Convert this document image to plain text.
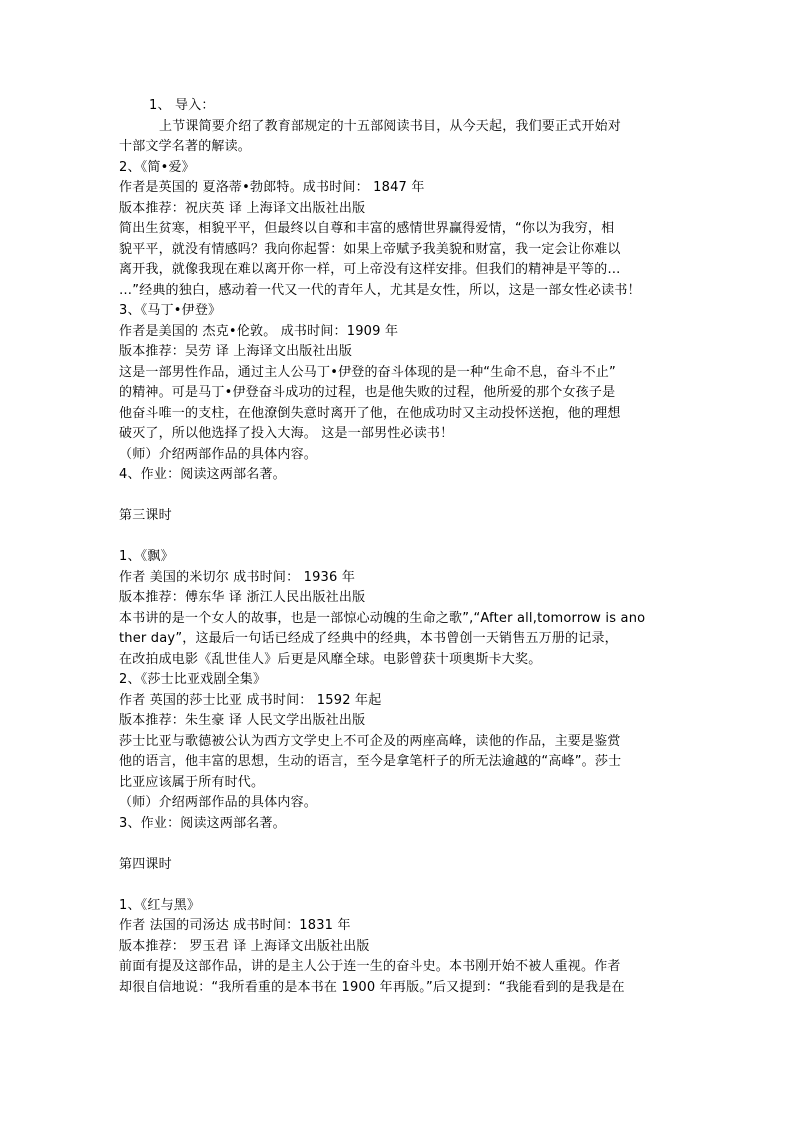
1、 导入：
上节课简要介绍了教育部规定的十五部阅读书目，从今天起，我们要正式开始对
十部文学名著的解读。
2、《简•爱》
作者是英国的 夏洛蒂•勃郎特。成书时间： 1847 年
版本推荐：祝庆英 译 上海译文出版社出版
简出生贫寒，相貌平平，但最终以自尊和丰富的感情世界赢得爱情，“你以为我穷，相
貌平平，就没有情感吗？我向你起誓：如果上帝赋予我美貌和财富，我一定会让你难以
离开我，就像我现在难以离开你一样，可上帝没有这样安排。但我们的精神是平等的…
…”经典的独白，感动着一代又一代的青年人，尤其是女性，所以，这是一部女性必读书！
3、《马丁•伊登》
作者是美国的 杰克•伦敦。 成书时间：1909 年
版本推荐：吴劳 译 上海译文出版社出版
这是一部男性作品，通过主人公马丁•伊登的奋斗体现的是一种“生命不息，奋斗不止”
的精神。可是马丁•伊登奋斗成功的过程，也是他失败的过程，他所爱的那个女孩子是
他奋斗唯一的支柱，在他潦倒失意时离开了他，在他成功时又主动投怀送抱，他的理想
破灭了，所以他选择了投入大海。 这是一部男性必读书！
（师）介绍两部作品的具体内容。
4、作业：阅读这两部名著。
第三课时
1、《飘》
作者 美国的米切尔 成书时间： 1936 年
版本推荐：傅东华 译 浙江人民出版社出版
本书讲的是一个女人的故事，也是一部惊心动魄的生命之歌”,“After all,tomorrow is ano
ther day”，这最后一句话已经成了经典中的经典，本书曾创一天销售五万册的记录，
在改拍成电影《乱世佳人》后更是风靡全球。电影曾获十项奥斯卡大奖。
2、《莎士比亚戏剧全集》
作者 英国的莎士比亚 成书时间： 1592 年起
版本推荐：朱生豪 译 人民文学出版社出版
莎士比亚与歌德被公认为西方文学史上不可企及的两座高峰，读他的作品，主要是鉴赏
他的语言，他丰富的思想，生动的语言，至今是拿笔杆子的所无法逾越的“高峰”。莎士
比亚应该属于所有时代。
（师）介绍两部作品的具体内容。
3、作业：阅读这两部名著。
第四课时
1、《红与黑》
作者 法国的司汤达 成书时间：1831 年
版本推荐： 罗玉君 译 上海译文出版社出版
前面有提及这部作品，讲的是主人公于连一生的奋斗史。本书刚开始不被人重视。作者
却很自信地说：“我所看重的是本书在 1900 年再版。”后又提到：“我能看到的是我是在
